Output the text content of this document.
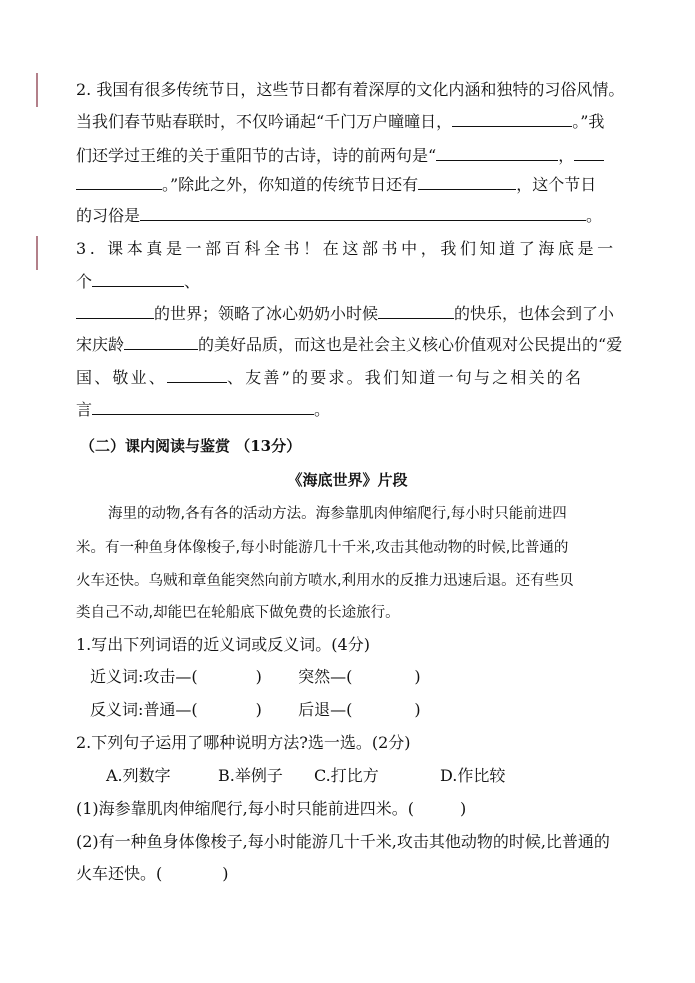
2. 我国有很多传统节日，这些节日都有着深厚的文化内涵和独特的习俗风情。
当我们春节贴春联时，不仅吟诵起“千门万户曈曈日，	。”我
们还学过王维的关于重阳节的古诗，诗的前两句是“	，
。”除此之外，你知道的传统节日还有	，这个节日
的习俗是	。
3. 课本真是一部百科全书！在这部书中，我们知道了海底是一
个	、
的世界；领略了冰心奶奶小时候	的快乐，也体会到了小
宋庆龄	的美好品质，而这也是社会主义核心价值观对公民提出的“爱
国、敬业、	、友善”的要求。我们知道一句与之相关的名
言	。
（二）课内阅读与鉴赏 （13分）
《海底世界》片段
海里的动物,各有各的活动方法。海参靠肌肉伸缩爬行,每小时只能前进四
米。有一种鱼身体像梭子,每小时能游几十千米,攻击其他动物的时候,比普通的
火车还快。乌贼和章鱼能突然向前方喷水,利用水的反推力迅速后退。还有些贝
类自己不动,却能巴在轮船底下做免费的长途旅行。
1.写出下列词语的近义词或反义词。(4分)
近义词:攻击—(	) 突然—(	)
反义词:普通—(	) 后退—(	)
2.下列句子运用了哪种说明方法?选一选。(2分)
A.列数字	B.举例子 C.打比方	D.作比较
(1)海参靠肌肉伸缩爬行,每小时只能前进四米。(	)
(2)有一种鱼身体像梭子,每小时能游几十千米,攻击其他动物的时候,比普通的
火车还快。(	)
